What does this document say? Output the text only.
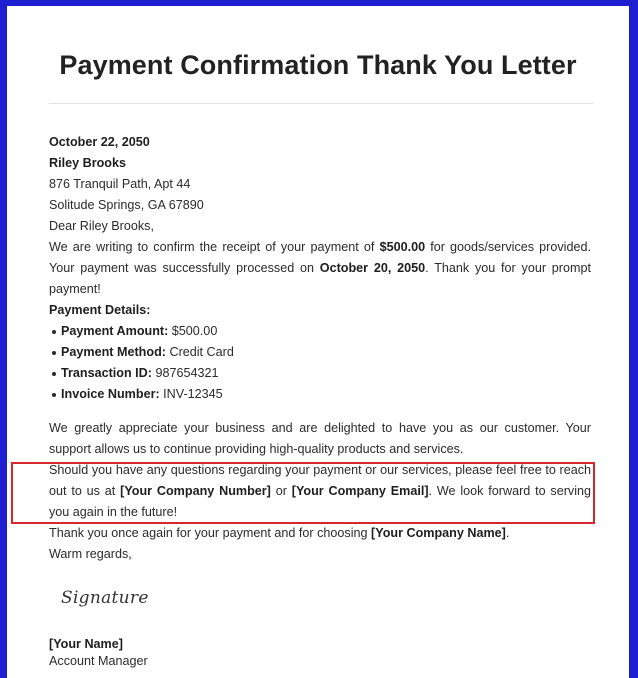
Payment Confirmation Thank You Letter
October 22, 2050
Riley Brooks
876 Tranquil Path, Apt 44
Solitude Springs, GA 67890
Dear Riley Brooks,
We are writing to confirm the receipt of your payment of $500.00 for goods/services provided. Your payment was successfully processed on October 20, 2050. Thank you for your prompt payment!
Payment Details:
Payment Amount: $500.00
Payment Method: Credit Card
Transaction ID: 987654321
Invoice Number: INV-12345
We greatly appreciate your business and are delighted to have you as our customer. Your support allows us to continue providing high-quality products and services.
Should you have any questions regarding your payment or our services, please feel free to reach out to us at [Your Company Number] or [Your Company Email]. We look forward to serving you again in the future!
Thank you once again for your payment and for choosing [Your Company Name].
Warm regards,
Signature
[Your Name]
Account Manager
